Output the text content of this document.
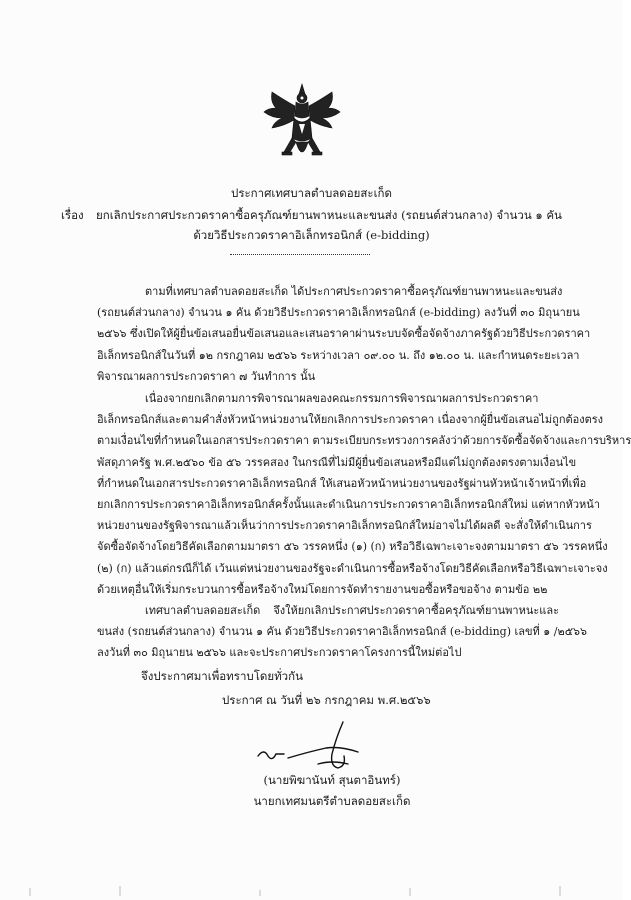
ประกาศเทศบาลตำบลดอยสะเก็ด
เรื่อง ยกเลิกประกาศประกวดราคาซื้อครุภัณฑ์ยานพาหนะและขนส่ง (รถยนต์ส่วนกลาง) จำนวน ๑ คัน
ด้วยวิธีประกวดราคาอิเล็กทรอนิกส์ (e-bidding)
ตามที่เทศบาลตำบลดอยสะเก็ด ได้ประกาศประกวดราคาซื้อครุภัณฑ์ยานพาหนะและขนส่ง
(รถยนต์ส่วนกลาง) จำนวน ๑ คัน ด้วยวิธีประกวดราคาอิเล็กทรอนิกส์ (e-bidding) ลงวันที่ ๓๐ มิถุนายน
๒๕๖๖ ซึ่งเปิดให้ผู้ยื่นข้อเสนอยื่นข้อเสนอและเสนอราคาผ่านระบบจัดซื้อจัดจ้างภาครัฐด้วยวิธีประกวดราคา
อิเล็กทรอนิกส์ในวันที่ ๑๒ กรกฎาคม ๒๕๖๖ ระหว่างเวลา ๐๙.๐๐ น. ถึง ๑๒.๐๐ น. และกำหนดระยะเวลา
พิจารณาผลการประกวดราคา ๗ วันทำการ นั้น
เนื่องจากยกเลิกตามการพิจารณาผลของคณะกรรมการพิจารณาผลการประกวดราคา
อิเล็กทรอนิกส์และตามคำสั่งหัวหน้าหน่วยงานให้ยกเลิกการประกวดราคา เนื่องจากผู้ยื่นข้อเสนอไม่ถูกต้องตรง
ตามเงื่อนไขที่กำหนดในเอกสารประกวดราคา ตามระเบียบกระทรวงการคลังว่าด้วยการจัดซื้อจัดจ้างและการบริหาร
พัสดุภาครัฐ พ.ศ.๒๕๖๐ ข้อ ๕๖ วรรคสอง ในกรณีที่ไม่มีผู้ยื่นข้อเสนอหรือมีแต่ไม่ถูกต้องตรงตามเงื่อนไข
ที่กำหนดในเอกสารประกวดราคาอิเล็กทรอนิกส์ ให้เสนอหัวหน้าหน่วยงานของรัฐผ่านหัวหน้าเจ้าหน้าที่เพื่อ
ยกเลิกการประกวดราคาอิเล็กทรอนิกส์ครั้งนั้นและดำเนินการประกวดราคาอิเล็กทรอนิกส์ใหม่ แต่หากหัวหน้า
หน่วยงานของรัฐพิจารณาแล้วเห็นว่าการประกวดราคาอิเล็กทรอนิกส์ใหม่อาจไม่ได้ผลดี จะสั่งให้ดำเนินการ
จัดซื้อจัดจ้างโดยวิธีคัดเลือกตามมาตรา ๕๖ วรรคหนึ่ง (๑) (ก) หรือวิธีเฉพาะเจาะจงตามมาตรา ๕๖ วรรคหนึ่ง
(๒) (ก) แล้วแต่กรณีก็ได้ เว้นแต่หน่วยงานของรัฐจะดำเนินการซื้อหรือจ้างโดยวิธีคัดเลือกหรือวิธีเฉพาะเจาะจง
ด้วยเหตุอื่นให้เริ่มกระบวนการซื้อหรือจ้างใหม่โดยการจัดทำรายงานขอซื้อหรือขอจ้าง ตามข้อ ๒๒
เทศบาลตำบลดอยสะเก็ด จึงให้ยกเลิกประกาศประกวดราคาซื้อครุภัณฑ์ยานพาหนะและ
ขนส่ง (รถยนต์ส่วนกลาง) จำนวน ๑ คัน ด้วยวิธีประกวดราคาอิเล็กทรอนิกส์ (e-bidding) เลขที่ ๑ /๒๕๖๖
ลงวันที่ ๓๐ มิถุนายน ๒๕๖๖ และจะประกาศประกวดราคาโครงการนี้ใหม่ต่อไป
จึงประกาศมาเพื่อทราบโดยทั่วกัน
ประกาศ ณ วันที่ ๒๖ กรกฎาคม พ.ศ.๒๕๖๖
(นายพิฆานันท์ สุนตาอินทร์)
นายกเทศมนตรีตำบลดอยสะเก็ด
